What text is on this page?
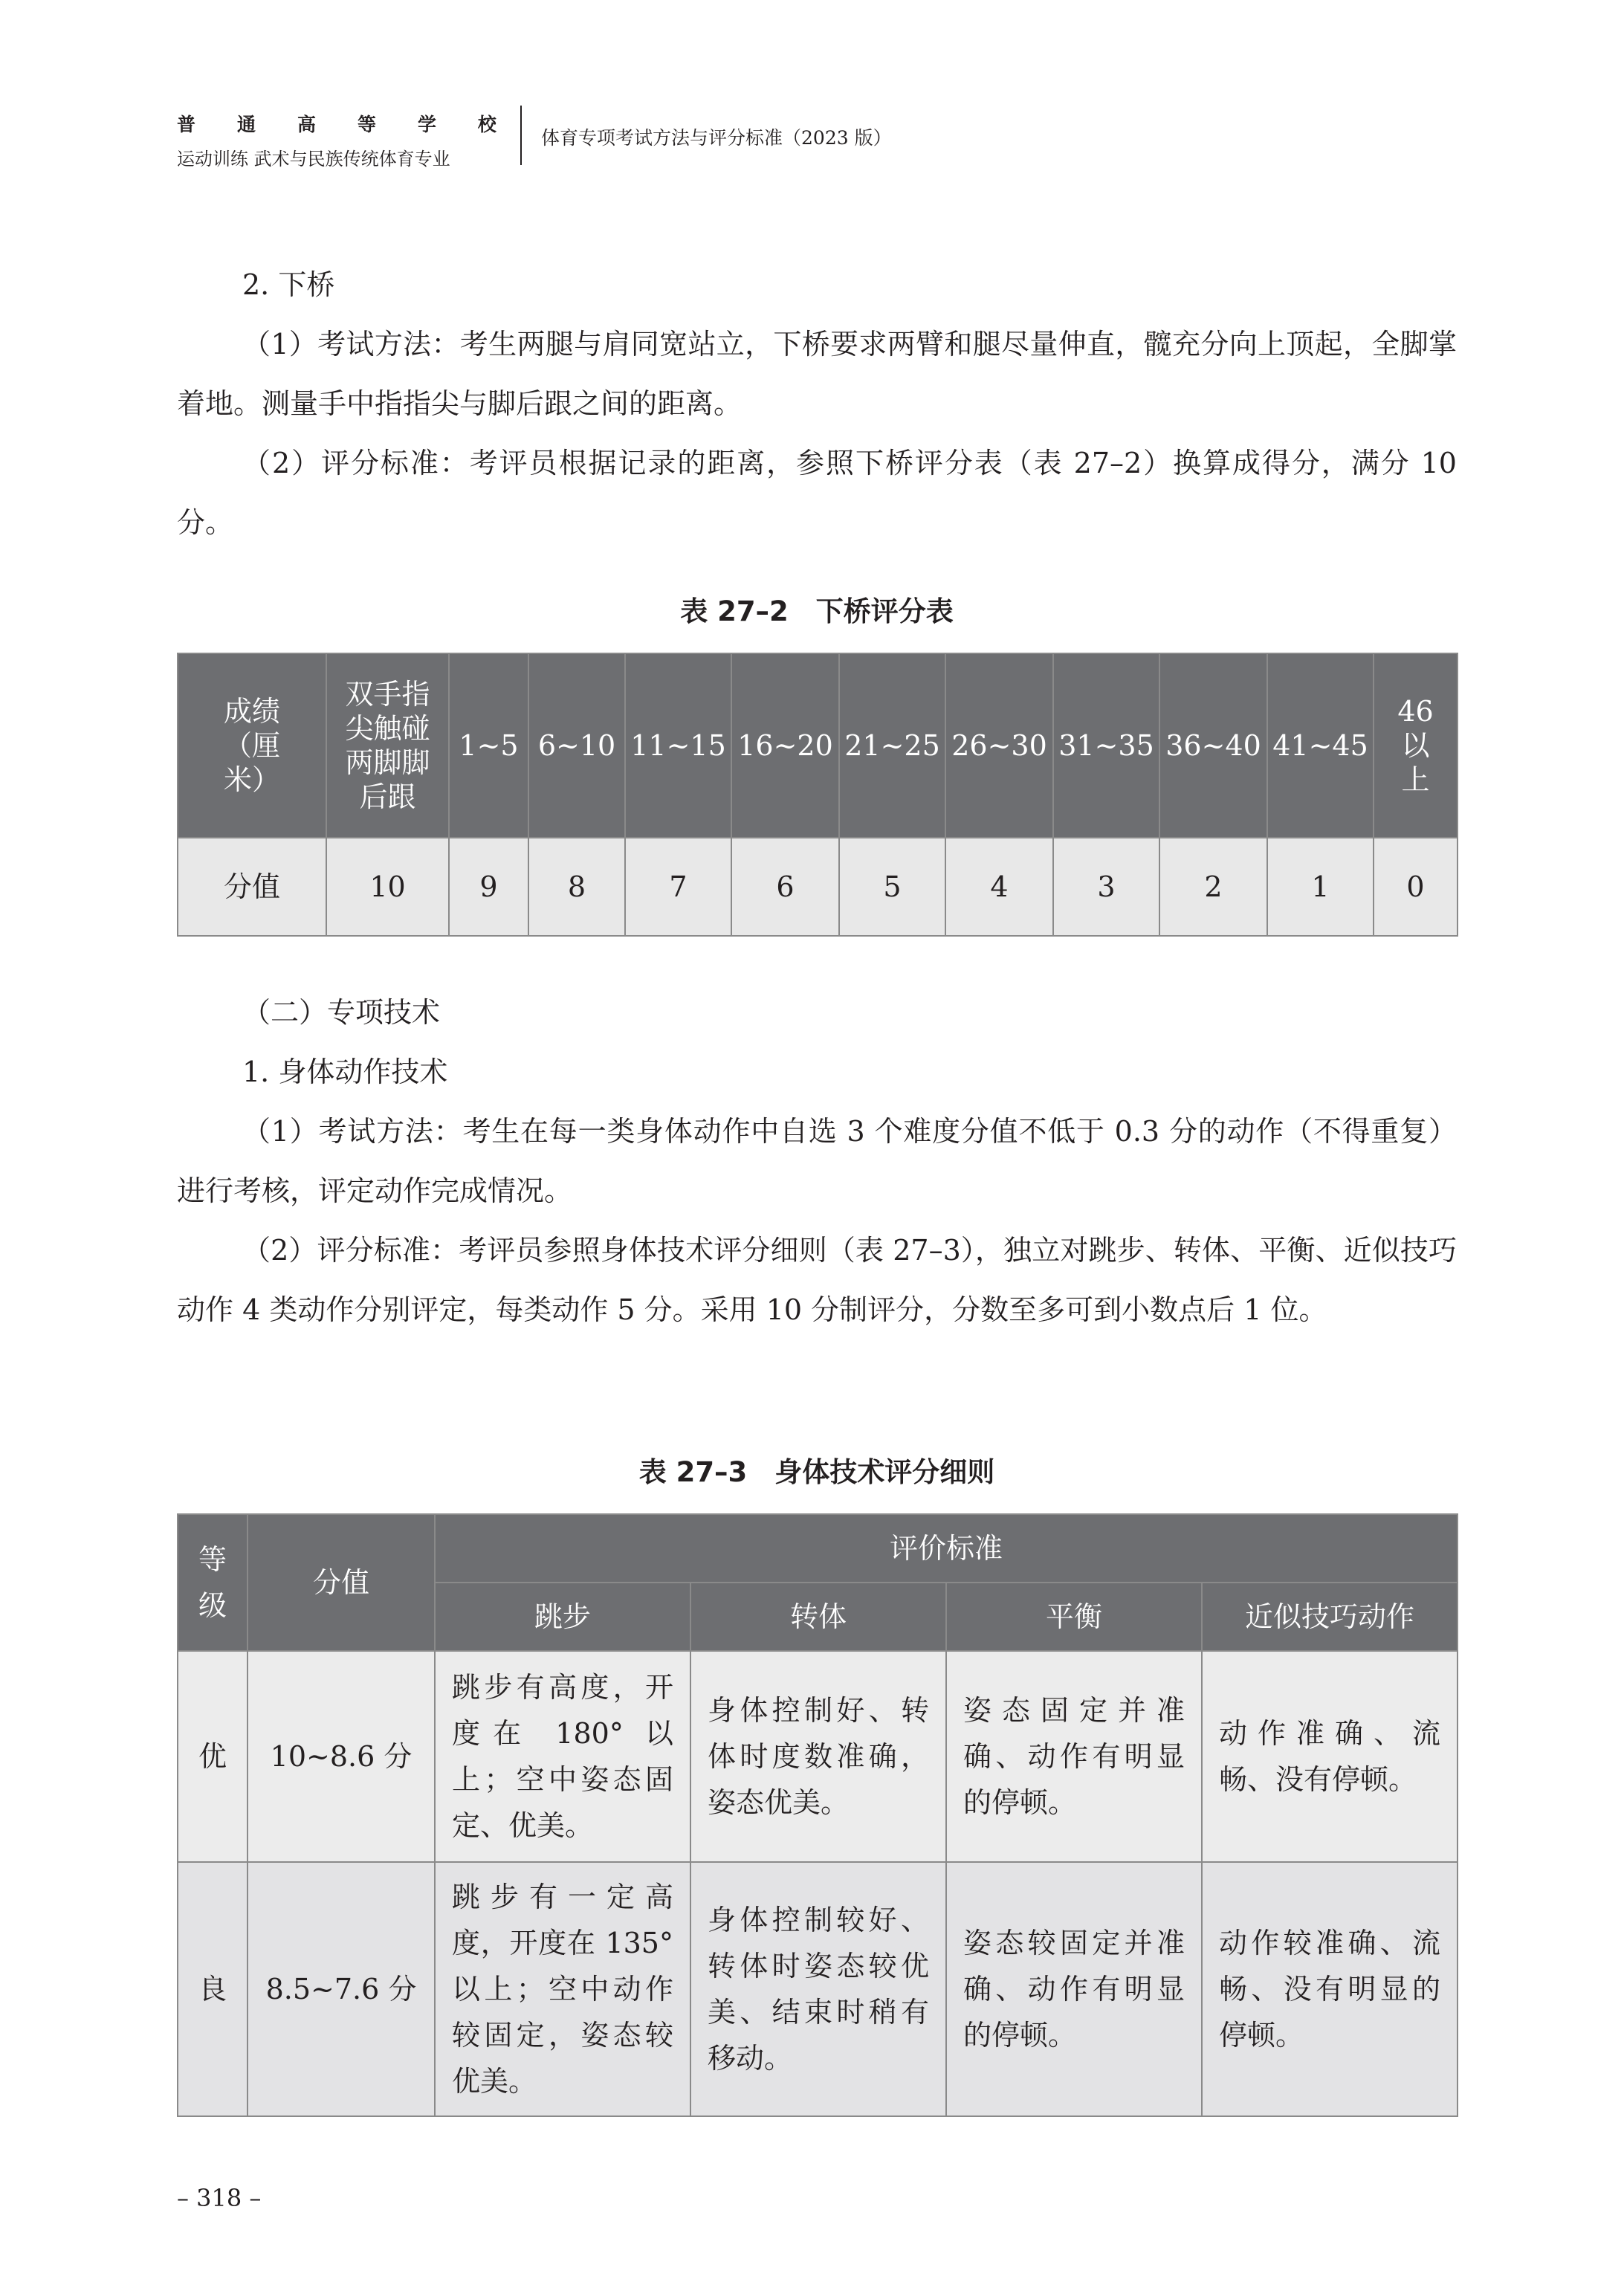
普 通 高 等 学 校
运动训练 武术与民族传统体育专业
体育专项考试方法与评分标准（2023 版）

2. 下桥

（1）考试方法：考生两腿与肩同宽站立，下桥要求两臂和腿尽量伸直，髋充分向上顶起，全脚掌着地。测量手中指指尖与脚后跟之间的距离。

（2）评分标准：考评员根据记录的距离，参照下桥评分表（表 27–2）换算成得分，满分 10 分。

表 27–2　下桥评分表
成绩（厘米）	双手指尖触碰两脚脚后跟	1~5	6~10	11~15	16~20	21~25	26~30	31~35	36~40	41~45	46 以上
分值	10	9	8	7	6	5	4	3	2	1	0

（二）专项技术

1. 身体动作技术

（1）考试方法：考生在每一类身体动作中自选 3 个难度分值不低于 0.3 分的动作（不得重复）进行考核，评定动作完成情况。

（2）评分标准：考评员参照身体技术评分细则（表 27–3），独立对跳步、转体、平衡、近似技巧动作 4 类动作分别评定，每类动作 5 分。采用 10 分制评分，分数至多可到小数点后 1 位。

表 27–3　身体技术评分细则
等级	分值	评价标准			
		跳步	转体	平衡	近似技巧动作
优	10~8.6 分	跳步有高度，开度在 180° 以上；空中姿态固定、优美。	身体控制好、转体时度数准确，姿态优美。	姿态固定并准确、动作有明显的停顿。	动作准确、流畅、没有停顿。
良	8.5~7.6 分	跳步有一定高度，开度在 135° 以上；空中动作较固定，姿态较优美。	身体控制较好、转体时姿态较优美、结束时稍有移动。	姿态较固定并准确、动作有明显的停顿。	动作较准确、流畅、没有明显的停顿。
– 318 –
